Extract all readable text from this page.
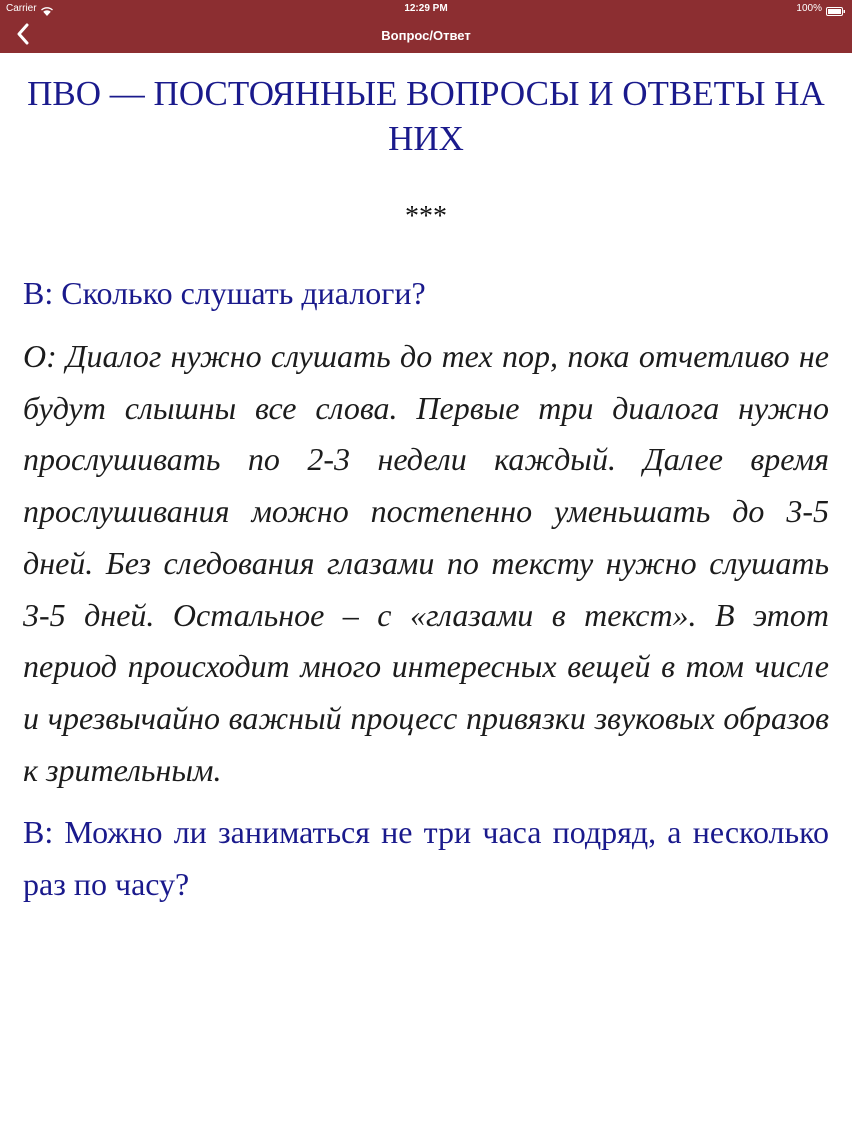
Carrier	12:29 PM	100%
Вопрос/Ответ
ПВО — ПОСТОЯННЫЕ ВОПРОСЫ И ОТВЕТЫ НА НИХ
***

В: Сколько слушать диалоги?

О: Диалог нужно слушать до тех пор, пока отчетливо не будут слышны все слова. Первые три диалога нужно прослушивать по 2-3 недели каждый. Далее время прослушивания можно постепенно уменьшать до 3-5 дней. Без следования глазами по тексту нужно слушать 3-5 дней. Остальное – с «глазами в текст». В этот период происходит много интересных вещей в том числе и чрезвычайно важный процесс привязки звуковых образов к зрительным.

В: Можно ли заниматься не три часа подряд, а несколько раз по часу?
